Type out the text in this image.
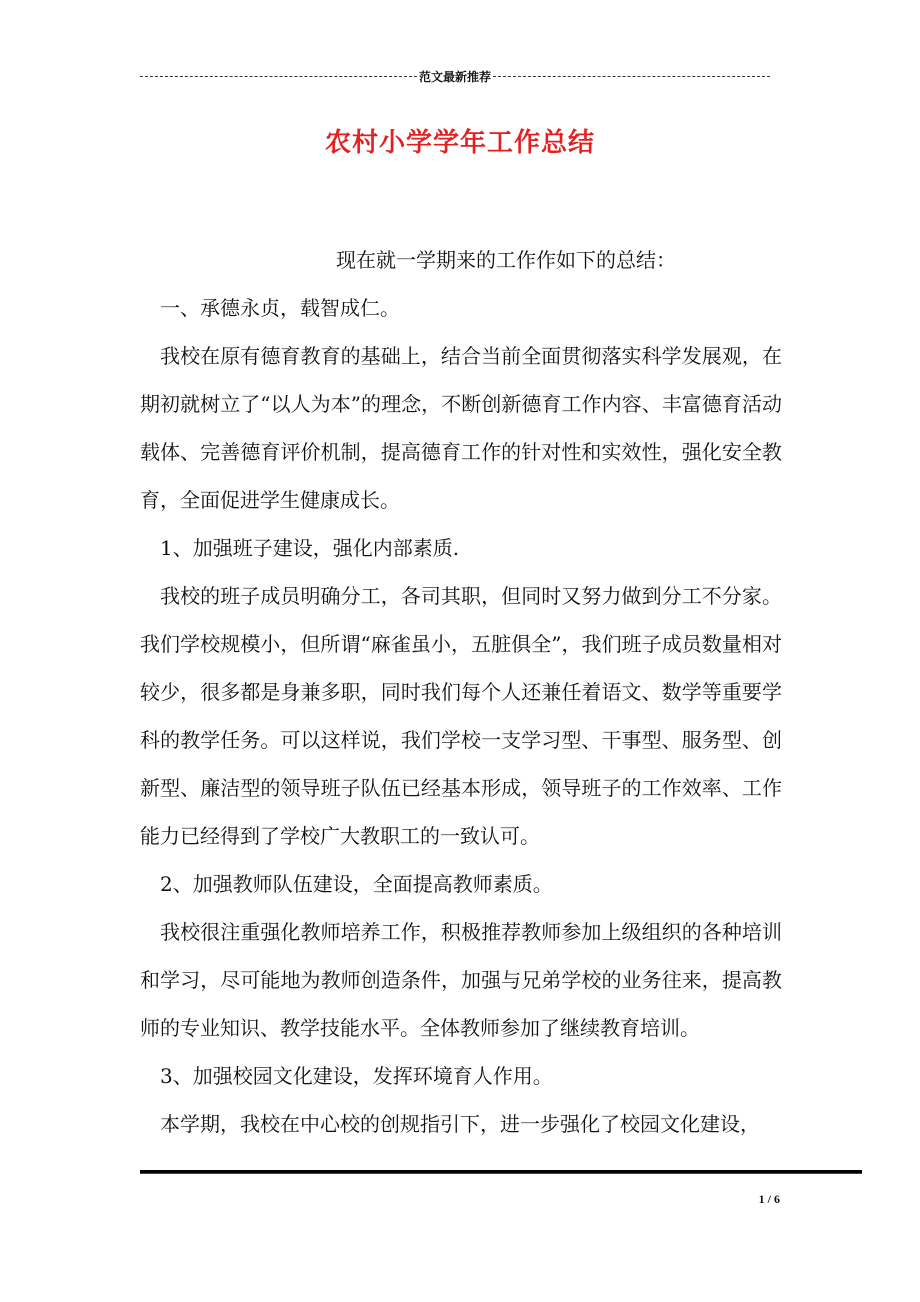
范文最新推荐
农村小学学年工作总结

现在就一学期来的工作作如下的总结：

一、承德永贞，载智成仁。

我校在原有德育教育的基础上，结合当前全面贯彻落实科学发展观，在期初就树立了“以人为本”的理念，不断创新德育工作内容、丰富德育活动载体、完善德育评价机制，提高德育工作的针对性和实效性，强化安全教育，全面促进学生健康成长。

1、加强班子建设，强化内部素质.

我校的班子成员明确分工，各司其职，但同时又努力做到分工不分家。我们学校规模小，但所谓“麻雀虽小，五脏俱全”，我们班子成员数量相对较少，很多都是身兼多职，同时我们每个人还兼任着语文、数学等重要学科的教学任务。可以这样说，我们学校一支学习型、干事型、服务型、创新型、廉洁型的领导班子队伍已经基本形成，领导班子的工作效率、工作能力已经得到了学校广大教职工的一致认可。

2、加强教师队伍建设，全面提高教师素质。

我校很注重强化教师培养工作，积极推荐教师参加上级组织的各种培训和学习，尽可能地为教师创造条件，加强与兄弟学校的业务往来，提高教师的专业知识、教学技能水平。全体教师参加了继续教育培训。

3、加强校园文化建设，发挥环境育人作用。

本学期，我校在中心校的创规指引下，进一步强化了校园文化建设，

1 / 6
